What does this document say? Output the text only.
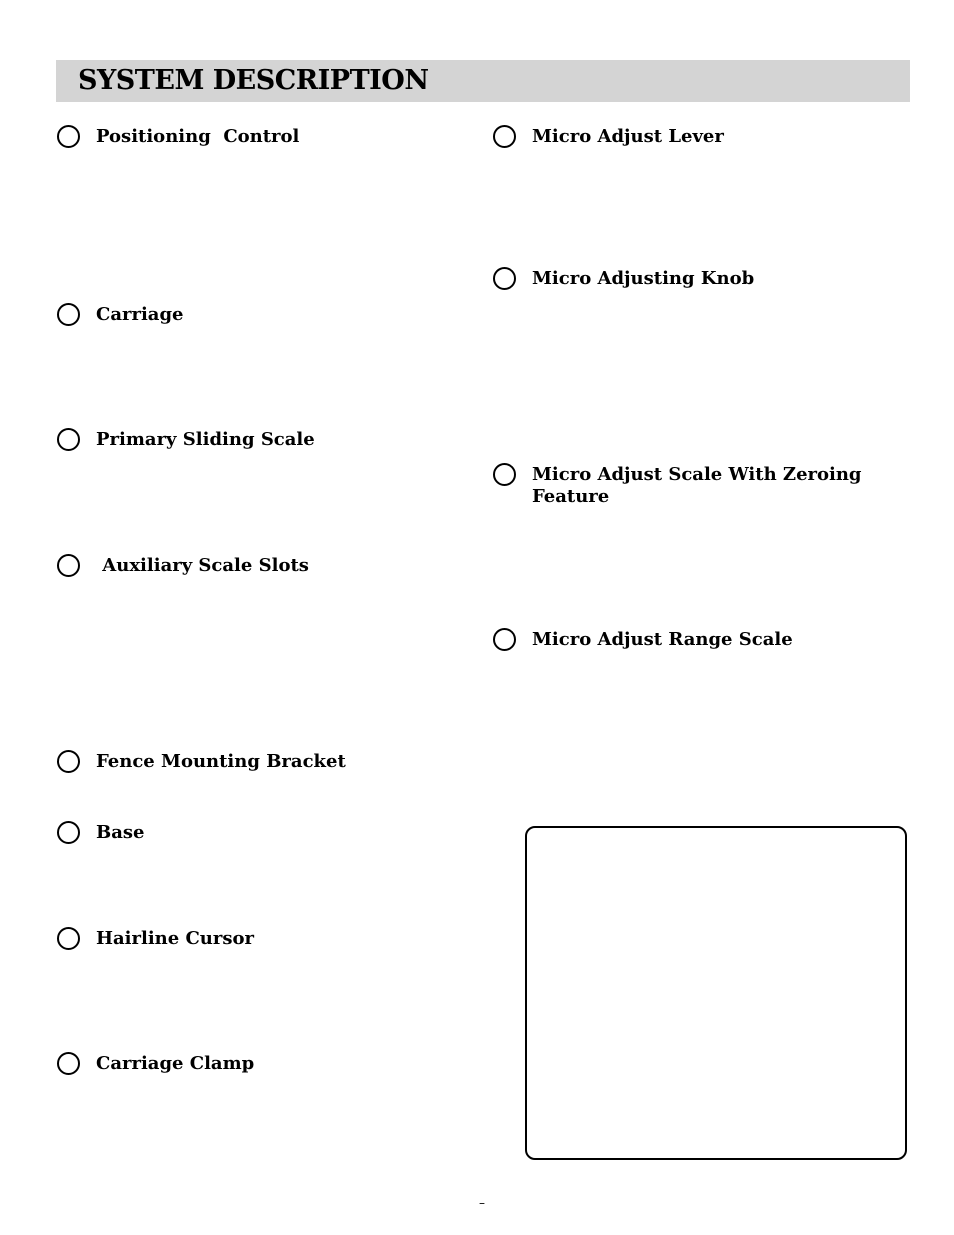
SYSTEM DESCRIPTION
Positioning  Control
Carriage
Primary Sliding Scale
Auxiliary Scale Slots
Fence Mounting Bracket
Base
Hairline Cursor
Carriage Clamp
Micro Adjust Lever
Micro Adjusting Knob
Micro Adjust Scale With Zeroing Feature
Micro Adjust Range Scale
–
